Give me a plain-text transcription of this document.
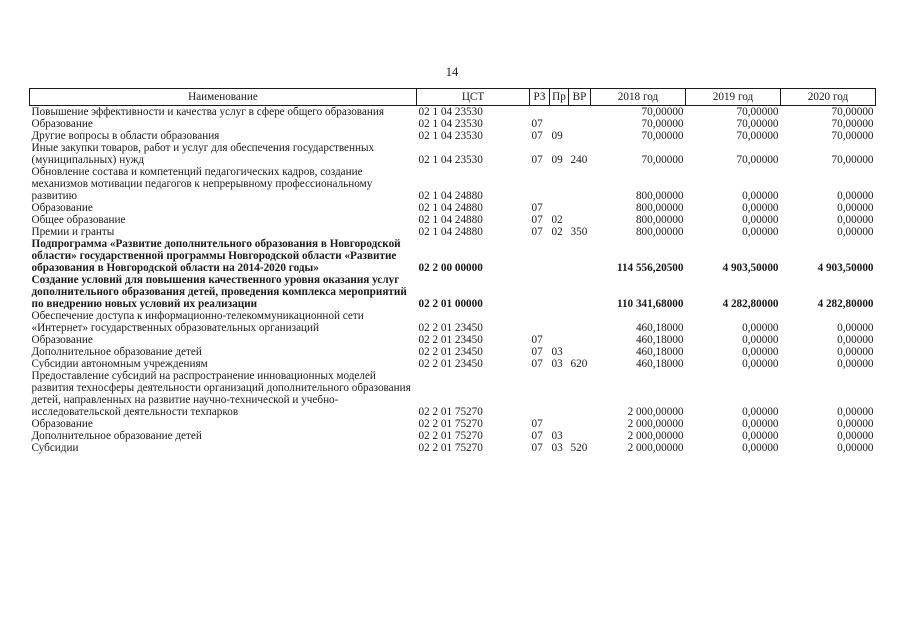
14
Наименование	ЦСТ	РЗ	Пр	ВР	2018 год	2019 год	2020 год
Повышение эффективности и качества услуг в сфере общего образования	02 1 04 23530				70,00000	70,00000	70,00000
Образование	02 1 04 23530	07			70,00000	70,00000	70,00000
Другие вопросы в области образования	02 1 04 23530	07	09		70,00000	70,00000	70,00000
Иные закупки товаров, работ и услуг для обеспечения государственных (муниципальных) нужд	02 1 04 23530	07	09	240	70,00000	70,00000	70,00000
Обновление состава и компетенций педагогических кадров, создание механизмов мотивации педагогов к непрерывному профессиональному развитию	02 1 04 24880				800,00000	0,00000	0,00000
Образование	02 1 04 24880	07			800,00000	0,00000	0,00000
Общее образование	02 1 04 24880	07	02		800,00000	0,00000	0,00000
Премии и гранты	02 1 04 24880	07	02	350	800,00000	0,00000	0,00000
Подпрограмма «Развитие дополнительного образования в Новгородской области» государственной программы Новгородской области «Развитие образования в Новгородской области на 2014-2020 годы»	02 2 00 00000				114 556,20500	4 903,50000	4 903,50000
Создание условий для повышения качественного уровня оказания услуг дополнительного образования детей, проведения комплекса мероприятий по внедрению новых условий их реализации	02 2 01 00000				110 341,68000	4 282,80000	4 282,80000
Обеспечение доступа к информационно-телекоммуникационной сети «Интернет» государственных образовательных организаций	02 2 01 23450				460,18000	0,00000	0,00000
Образование	02 2 01 23450	07			460,18000	0,00000	0,00000
Дополнительное образование детей	02 2 01 23450	07	03		460,18000	0,00000	0,00000
Субсидии автономным учреждениям	02 2 01 23450	07	03	620	460,18000	0,00000	0,00000
Предоставление субсидий на распространение инновационных моделей развития техносферы деятельности организаций дополнительного образования детей, направленных на развитие научно-технической и учебно-исследовательской деятельности техпарков	02 2 01 75270				2 000,00000	0,00000	0,00000
Образование	02 2 01 75270	07			2 000,00000	0,00000	0,00000
Дополнительное образование детей	02 2 01 75270	07	03		2 000,00000	0,00000	0,00000
Субсидии	02 2 01 75270	07	03	520	2 000,00000	0,00000	0,00000
